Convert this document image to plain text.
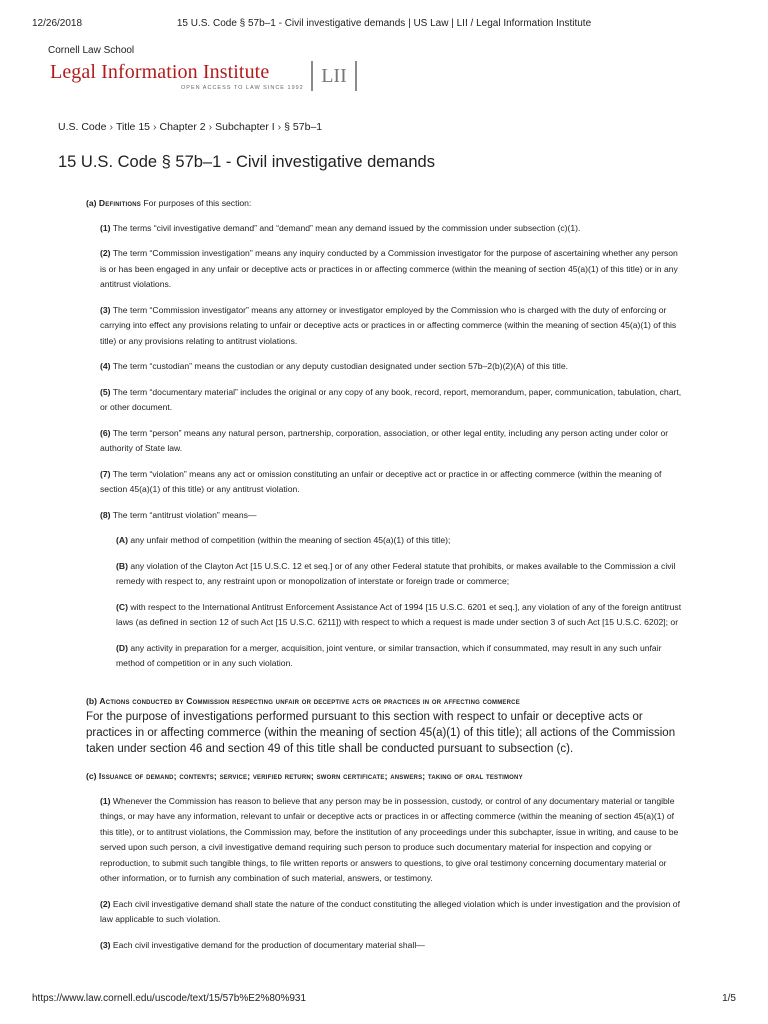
12/26/2018	15 U.S. Code § 57b–1 - Civil investigative demands | US Law | LII / Legal Information Institute
Cornell Law School
Legal Information Institute
OPEN ACCESS TO LAW SINCE 1992
LII
U.S. Code › Title 15 › Chapter 2 › Subchapter I › § 57b–1
15 U.S. Code § 57b–1 - Civil investigative demands

(a) Definitions For purposes of this section:

(1) The terms “civil investigative demand” and “demand” mean any demand issued by the commission under subsection (c)(1).

(2) The term “Commission investigation” means any inquiry conducted by a Commission investigator for the purpose of ascertaining whether any person is or has been engaged in any unfair or deceptive acts or practices in or affecting commerce (within the meaning of section 45(a)(1) of this title) or in any antitrust violations.

(3) The term “Commission investigator” means any attorney or investigator employed by the Commission who is charged with the duty of enforcing or carrying into effect any provisions relating to unfair or deceptive acts or practices in or affecting commerce (within the meaning of section 45(a)(1) of this title) or any provisions relating to antitrust violations.

(4) The term “custodian” means the custodian or any deputy custodian designated under section 57b–2(b)(2)(A) of this title.

(5) The term “documentary material” includes the original or any copy of any book, record, report, memorandum, paper, communication, tabulation, chart, or other document.

(6) The term “person” means any natural person, partnership, corporation, association, or other legal entity, including any person acting under color or authority of State law.

(7) The term “violation” means any act or omission constituting an unfair or deceptive act or practice in or affecting commerce (within the meaning of section 45(a)(1) of this title) or any antitrust violation.

(8) The term “antitrust violation” means—

(A) any unfair method of competition (within the meaning of section 45(a)(1) of this title);

(B) any violation of the Clayton Act [15 U.S.C. 12 et seq.] or of any other Federal statute that prohibits, or makes available to the Commission a civil remedy with respect to, any restraint upon or monopolization of interstate or foreign trade or commerce;

(C) with respect to the International Antitrust Enforcement Assistance Act of 1994 [15 U.S.C. 6201 et seq.], any violation of any of the foreign antitrust laws (as defined in section 12 of such Act [15 U.S.C. 6211]) with respect to which a request is made under section 3 of such Act [15 U.S.C. 6202]; or

(D) any activity in preparation for a merger, acquisition, joint venture, or similar transaction, which if consummated, may result in any such unfair method of competition or in any such violation.

(b) Actions conducted by Commission respecting unfair or deceptive acts or practices in or affecting commerce

For the purpose of investigations performed pursuant to this section with respect to unfair or deceptive acts or practices in or affecting commerce (within the meaning of section 45(a)(1) of this title); all actions of the Commission taken under section 46 and section 49 of this title shall be conducted pursuant to subsection (c).

(c) Issuance of demand; contents; service; verified return; sworn certificate; answers; taking of oral testimony

(1) Whenever the Commission has reason to believe that any person may be in possession, custody, or control of any documentary material or tangible things, or may have any information, relevant to unfair or deceptive acts or practices in or affecting commerce (within the meaning of section 45(a)(1) of this title), or to antitrust violations, the Commission may, before the institution of any proceedings under this subchapter, issue in writing, and cause to be served upon such person, a civil investigative demand requiring such person to produce such documentary material for inspection and copying or reproduction, to submit such tangible things, to file written reports or answers to questions, to give oral testimony concerning documentary material or other information, or to furnish any combination of such material, answers, or testimony.

(2) Each civil investigative demand shall state the nature of the conduct constituting the alleged violation which is under investigation and the provision of law applicable to such violation.

(3) Each civil investigative demand for the production of documentary material shall—

https://www.law.cornell.edu/uscode/text/15/57b%E2%80%931	1/5
